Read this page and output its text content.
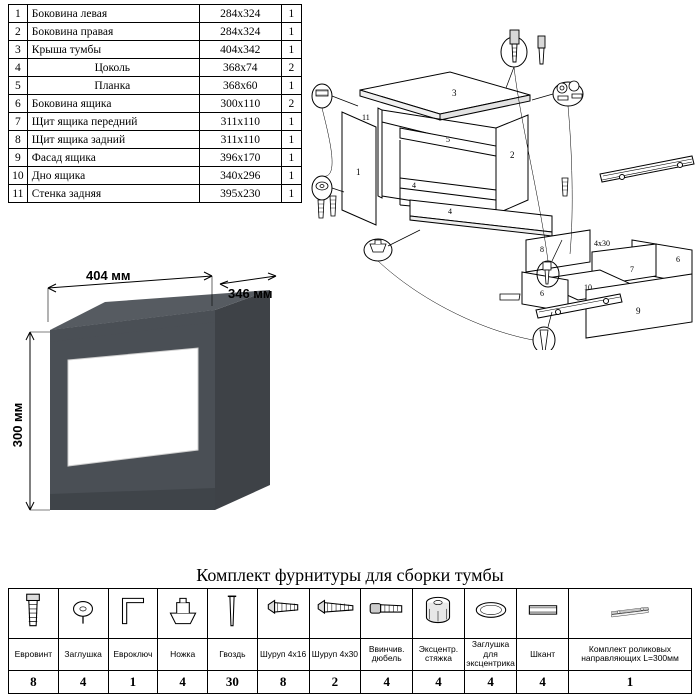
1	Боковина левая	284х324	1
2	Боковина правая	284х324	1
3	Крыша тумбы	404х342	1
4	Цоколь	368х74	2
5	Планка	368х60	1
6	Боковина ящика	300х110	2
7	Щит ящика передний	311х110	1
8	Щит ящика задний	311х110	1
9	Фасад ящика	396х170	1
10	Дно ящика	340х296	1
11	Стенка задняя	395х230	1
3
1
11
2
5
4
4
8
6
7
10
6
9
4х30
404 мм
346 мм
300 мм
Комплект фурнитуры для сборки тумбы

Евровинт	Заглушка	Евроключ	Ножка	Гвоздь	Шуруп 4х16	Шуруп 4х30	Ввинчив. дюбель	Эксцентр. стяжка	Заглушка для эксцентрика	Шкант	Комплект роликовых направляющих L=300мм
8	4	1	4	30	8	2	4	4	4	4	1
